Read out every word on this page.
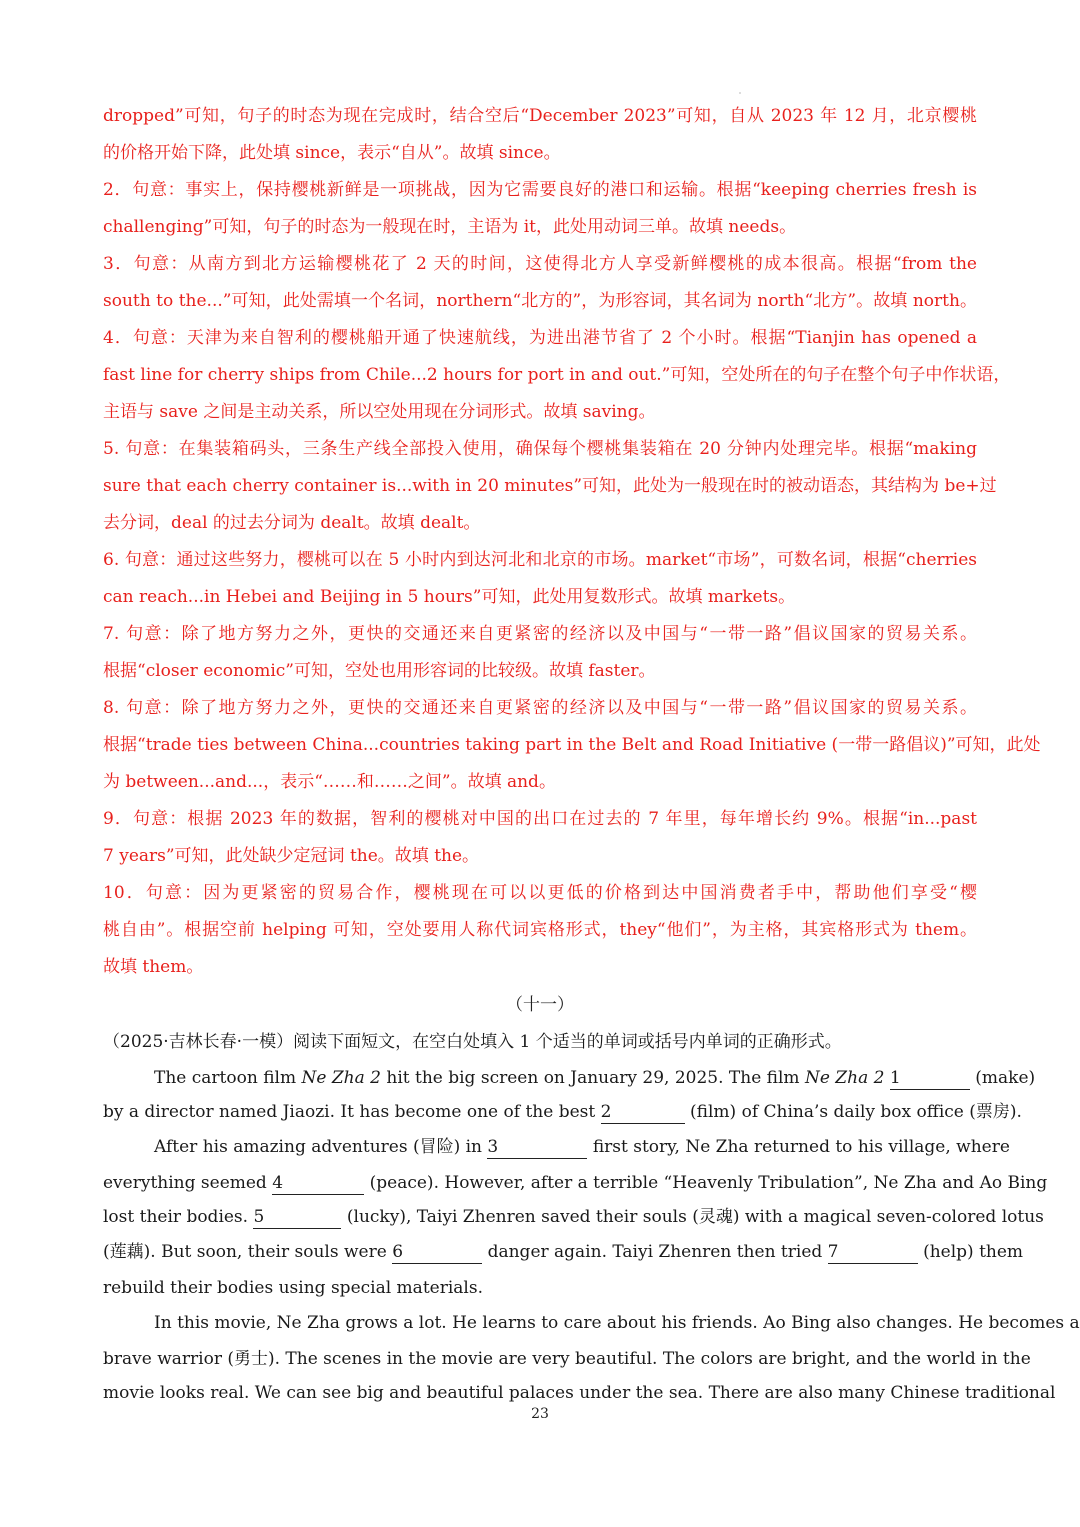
dropped”可知，句子的时态为现在完成时，结合空后“December 2023”可知，自从 2023 年 12 月，北京樱桃
的价格开始下降，此处填 since，表示“自从”。故填 since。
2．句意：事实上，保持樱桃新鲜是一项挑战，因为它需要良好的港口和运输。根据“keeping cherries fresh is
challenging”可知，句子的时态为一般现在时，主语为 it，此处用动词三单。故填 needs。
3．句意：从南方到北方运输樱桃花了 2 天的时间，这使得北方人享受新鲜樱桃的成本很高。根据“from the
south to the...”可知，此处需填一个名词，northern“北方的”，为形容词，其名词为 north“北方”。故填 north。
4．句意：天津为来自智利的樱桃船开通了快速航线，为进出港节省了 2 个小时。根据“Tianjin has opened a
fast line for cherry ships from Chile...2 hours for port in and out.”可知，空处所在的句子在整个句子中作状语，
主语与 save 之间是主动关系，所以空处用现在分词形式。故填 saving。
5. 句意：在集装箱码头，三条生产线全部投入使用，确保每个樱桃集装箱在 20 分钟内处理完毕。根据“making
sure that each cherry container is...with in 20 minutes”可知，此处为一般现在时的被动语态，其结构为 be+过
去分词，deal 的过去分词为 dealt。故填 dealt。
6. 句意：通过这些努力，樱桃可以在 5 小时内到达河北和北京的市场。market“市场”，可数名词，根据“cherries
can reach...in Hebei and Beijing in 5 hours”可知，此处用复数形式。故填 markets。
7. 句意：除了地方努力之外，更快的交通还来自更紧密的经济以及中国与“一带一路”倡议国家的贸易关系。
根据“closer economic”可知，空处也用形容词的比较级。故填 faster。
8. 句意：除了地方努力之外，更快的交通还来自更紧密的经济以及中国与“一带一路”倡议国家的贸易关系。
根据“trade ties between China...countries taking part in the Belt and Road Initiative (一带一路倡议)”可知，此处
为 between...and...，表示“……和……之间”。故填 and。
9．句意：根据 2023 年的数据，智利的樱桃对中国的出口在过去的 7 年里，每年增长约 9%。根据“in...past
7 years”可知，此处缺少定冠词 the。故填 the。
10．句意：因为更紧密的贸易合作，樱桃现在可以以更低的价格到达中国消费者手中，帮助他们享受“樱
桃自由”。根据空前 helping 可知，空处要用人称代词宾格形式，they“他们”，为主格，其宾格形式为 them。
故填 them。
（十一）
（2025·吉林长春·一模）阅读下面短文，在空白处填入 1 个适当的单词或括号内单词的正确形式。
The cartoon film Ne Zha 2 hit the big screen on January 29, 2025. The film Ne Zha 2 1	(make)
by a director named Jiaozi. It has become one of the best 2	(film) of China’s daily box office (票房).
After his amazing adventures (冒险) in 3	first story, Ne Zha returned to his village, where
everything seemed 4	(peace). However, after a terrible “Heavenly Tribulation”, Ne Zha and Ao Bing
lost their bodies. 5	(lucky), Taiyi Zhenren saved their souls (灵魂) with a magical seven-colored lotus
(莲藕). But soon, their souls were 6	danger again. Taiyi Zhenren then tried 7	(help) them
rebuild their bodies using special materials.
In this movie, Ne Zha grows a lot. He learns to care about his friends. Ao Bing also changes. He becomes a
brave warrior (勇士). The scenes in the movie are very beautiful. The colors are bright, and the world in the
movie looks real. We can see big and beautiful palaces under the sea. There are also many Chinese traditional
23
